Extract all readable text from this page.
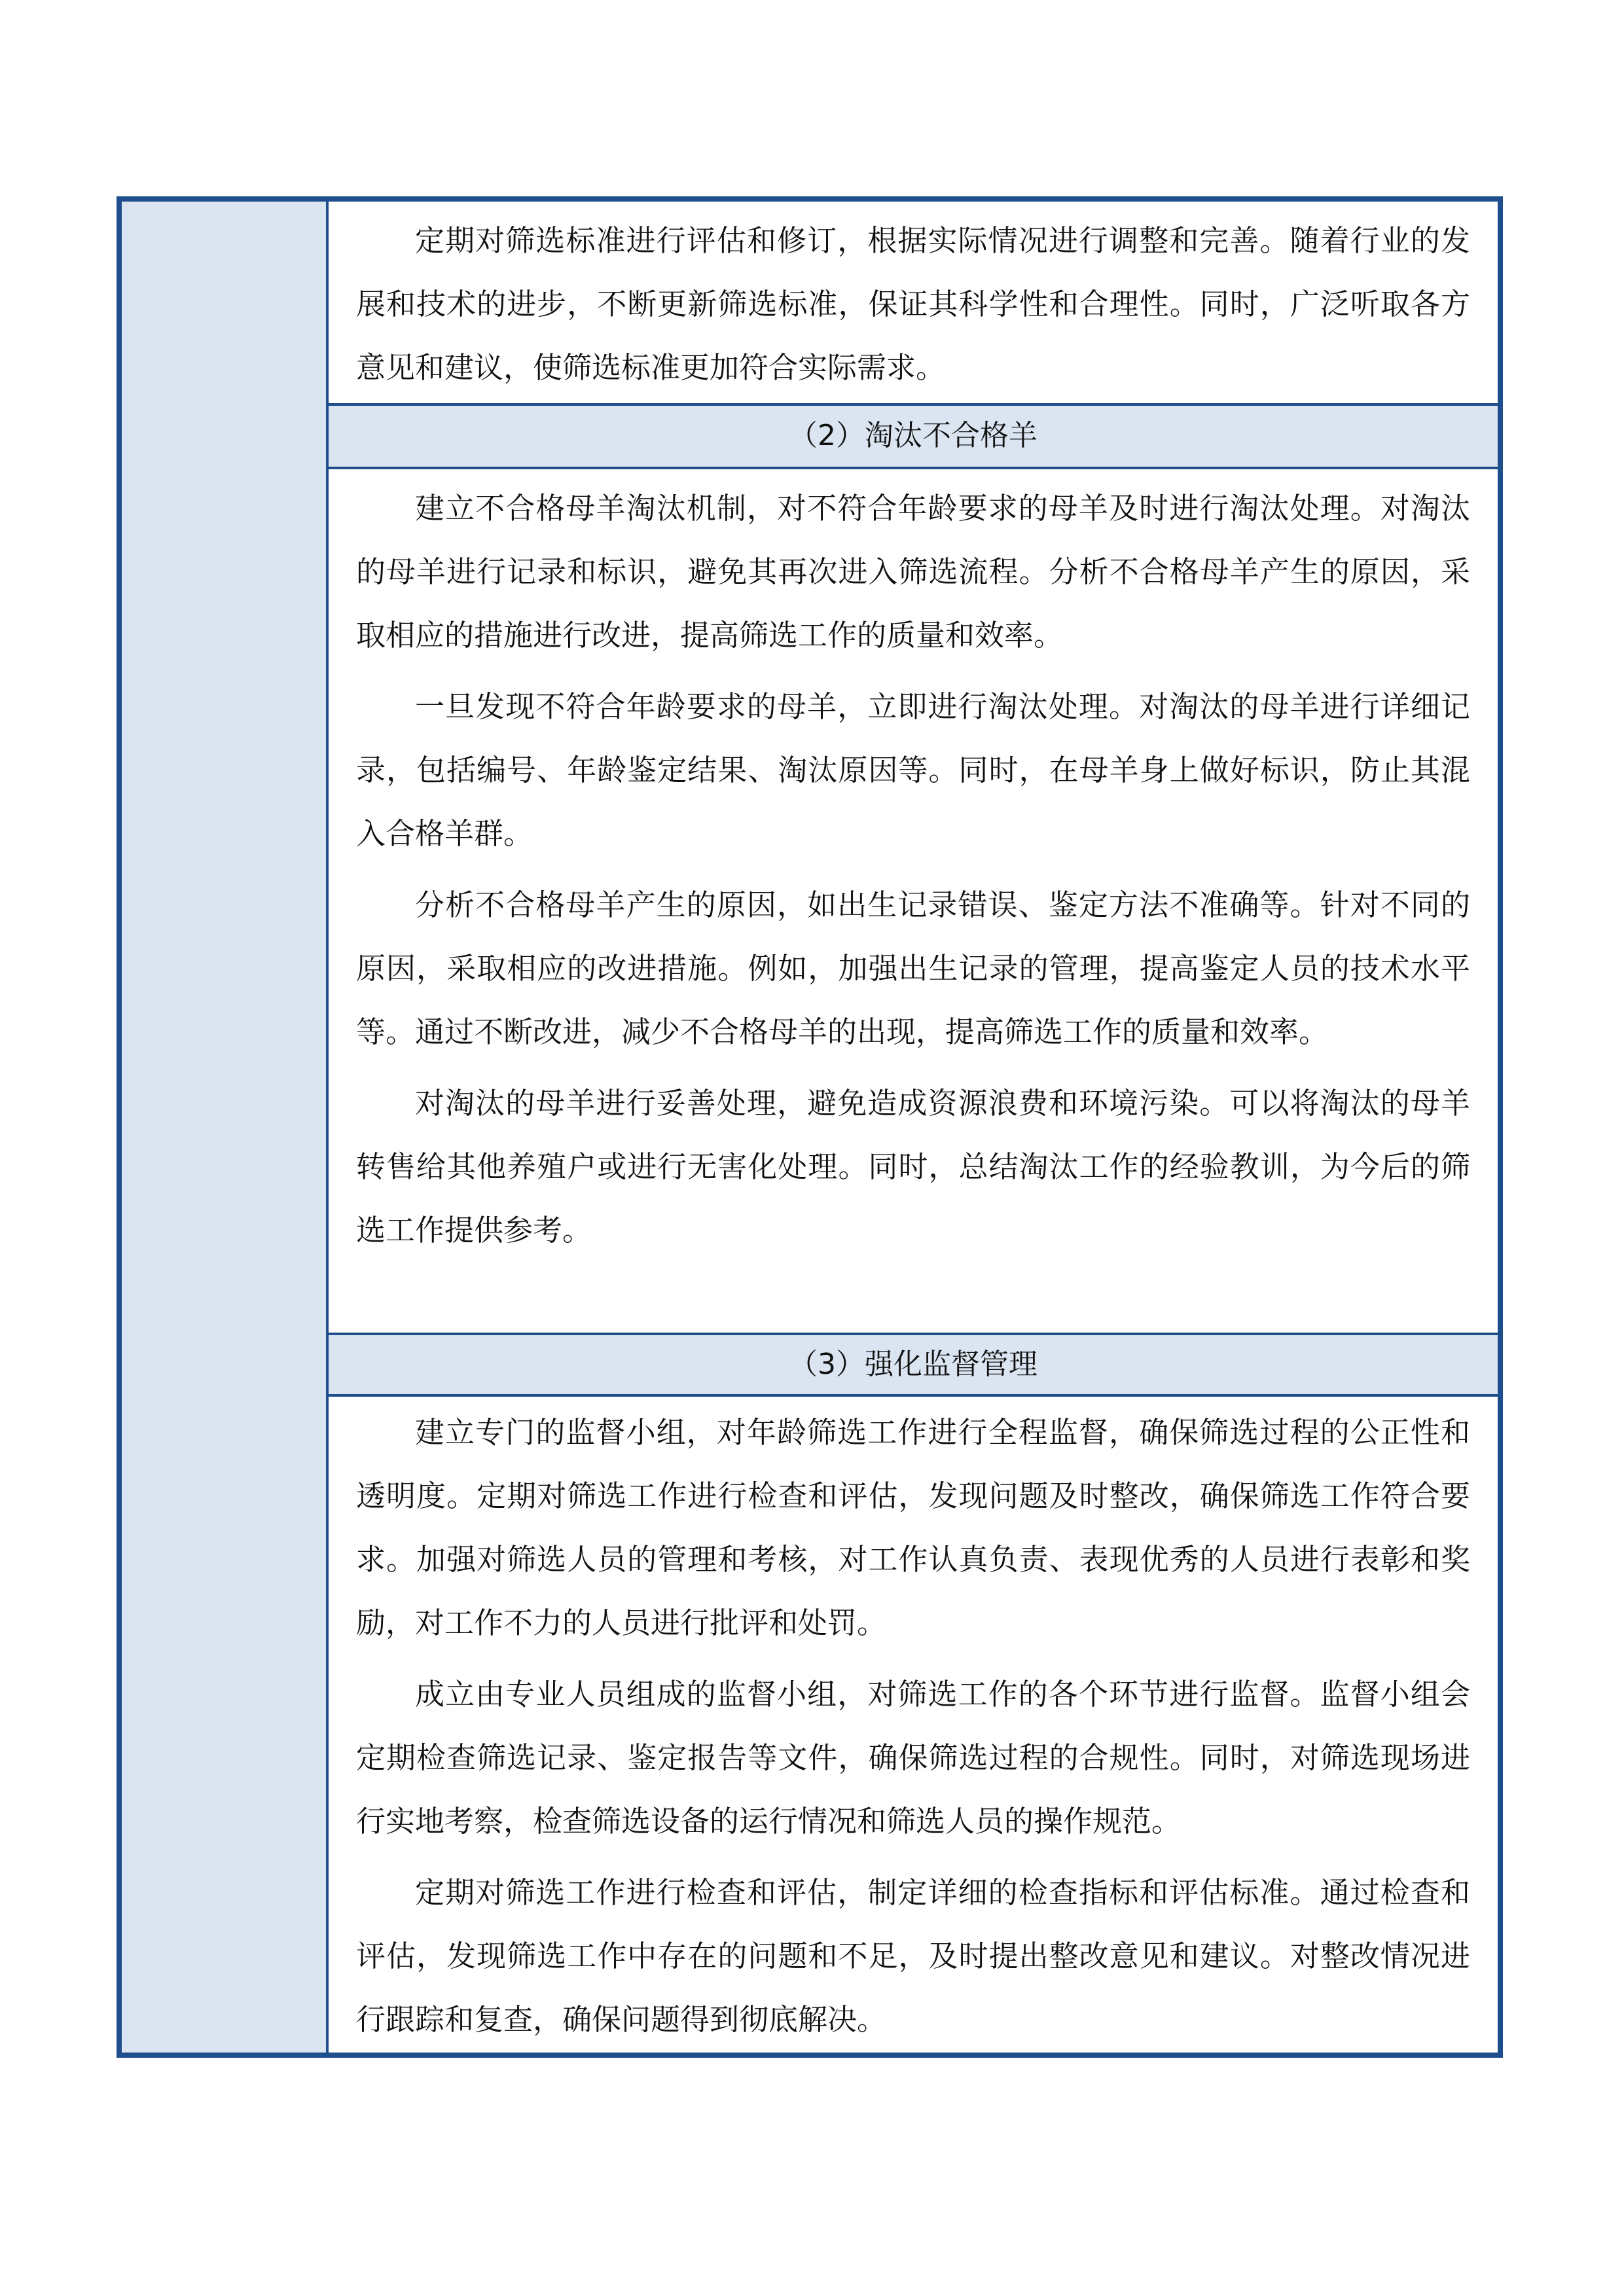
定期对筛选标准进行评估和修订，根据实际情况进行调整和完善。随着行业的发展和技术的进步，不断更新筛选标准，保证其科学性和合理性。同时，广泛听取各方意见和建议，使筛选标准更加符合实际需求。

（2）淘汰不合格羊

建立不合格母羊淘汰机制，对不符合年龄要求的母羊及时进行淘汰处理。对淘汰的母羊进行记录和标识，避免其再次进入筛选流程。分析不合格母羊产生的原因，采取相应的措施进行改进，提高筛选工作的质量和效率。

一旦发现不符合年龄要求的母羊，立即进行淘汰处理。对淘汰的母羊进行详细记录，包括编号、年龄鉴定结果、淘汰原因等。同时，在母羊身上做好标识，防止其混入合格羊群。

分析不合格母羊产生的原因，如出生记录错误、鉴定方法不准确等。针对不同的原因，采取相应的改进措施。例如，加强出生记录的管理，提高鉴定人员的技术水平等。通过不断改进，减少不合格母羊的出现，提高筛选工作的质量和效率。

对淘汰的母羊进行妥善处理，避免造成资源浪费和环境污染。可以将淘汰的母羊转售给其他养殖户或进行无害化处理。同时，总结淘汰工作的经验教训，为今后的筛选工作提供参考。

（3）强化监督管理

建立专门的监督小组，对年龄筛选工作进行全程监督，确保筛选过程的公正性和透明度。定期对筛选工作进行检查和评估，发现问题及时整改，确保筛选工作符合要求。加强对筛选人员的管理和考核，对工作认真负责、表现优秀的人员进行表彰和奖励，对工作不力的人员进行批评和处罚。

成立由专业人员组成的监督小组，对筛选工作的各个环节进行监督。监督小组会定期检查筛选记录、鉴定报告等文件，确保筛选过程的合规性。同时，对筛选现场进行实地考察，检查筛选设备的运行情况和筛选人员的操作规范。

定期对筛选工作进行检查和评估，制定详细的检查指标和评估标准。通过检查和评估，发现筛选工作中存在的问题和不足，及时提出整改意见和建议。对整改情况进行跟踪和复查，确保问题得到彻底解决。
